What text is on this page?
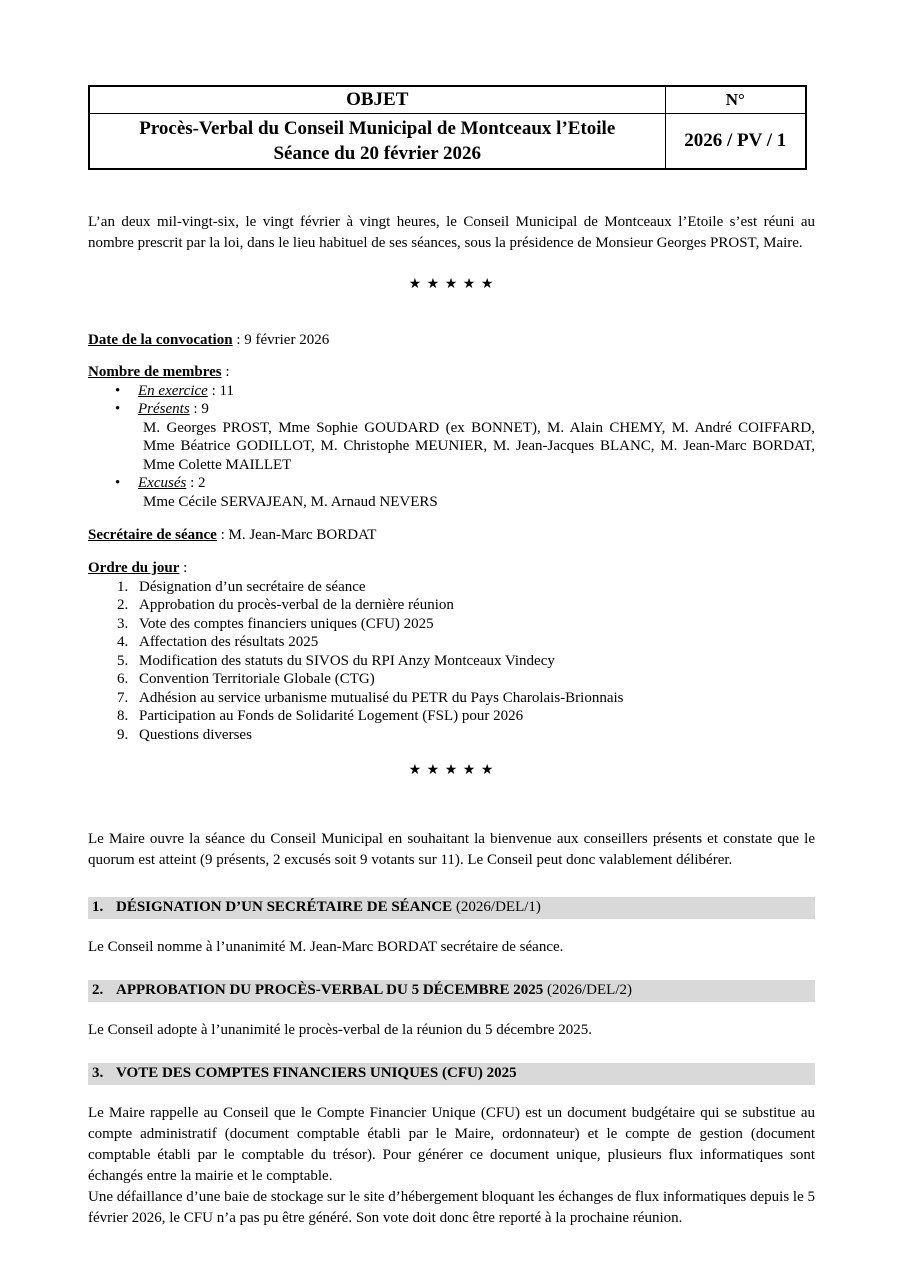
OBJET	N°

Procès-Verbal du Conseil Municipal de Montceaux l’Etoile
Séance du 20 février 2026	2026 / PV / 1

L’an deux mil-vingt-six, le vingt février à vingt heures, le Conseil Municipal de Montceaux l’Etoile s’est réuni au nombre prescrit par la loi, dans le lieu habituel de ses séances, sous la présidence de Monsieur Georges PROST, Maire.

★ ★ ★ ★ ★
Date de la convocation : 9 février 2026
Nombre de membres :
•	En exercice : 11
•	Présents : 9
M. Georges PROST, Mme Sophie GOUDARD (ex BONNET), M. Alain CHEMY, M. André COIFFARD, Mme Béatrice GODILLOT, M. Christophe MEUNIER, M. Jean-Jacques BLANC, M. Jean-Marc BORDAT, Mme Colette MAILLET
•	Excusés : 2
Mme Cécile SERVAJEAN, M. Arnaud NEVERS
Secrétaire de séance : M. Jean-Marc BORDAT
Ordre du jour :
1. Désignation d’un secrétaire de séance
2. Approbation du procès-verbal de la dernière réunion
3. Vote des comptes financiers uniques (CFU) 2025
4. Affectation des résultats 2025
5. Modification des statuts du SIVOS du RPI Anzy Montceaux Vindecy
6. Convention Territoriale Globale (CTG)
7. Adhésion au service urbanisme mutualisé du PETR du Pays Charolais-Brionnais
8. Participation au Fonds de Solidarité Logement (FSL) pour 2026
9. Questions diverses
★ ★ ★ ★ ★

Le Maire ouvre la séance du Conseil Municipal en souhaitant la bienvenue aux conseillers présents et constate que le quorum est atteint (9 présents, 2 excusés soit 9 votants sur 11). Le Conseil peut donc valablement délibérer.

1. DÉSIGNATION D’UN SECRÉTAIRE DE SÉANCE (2026/DEL/1)

Le Conseil nomme à l’unanimité M. Jean-Marc BORDAT secrétaire de séance.

2. APPROBATION DU PROCÈS-VERBAL DU 5 DÉCEMBRE 2025 (2026/DEL/2)

Le Conseil adopte à l’unanimité le procès-verbal de la réunion du 5 décembre 2025.

3. VOTE DES COMPTES FINANCIERS UNIQUES (CFU) 2025

Le Maire rappelle au Conseil que le Compte Financier Unique (CFU) est un document budgétaire qui se substitue au compte administratif (document comptable établi par le Maire, ordonnateur) et le compte de gestion (document comptable établi par le comptable du trésor). Pour générer ce document unique, plusieurs flux informatiques sont échangés entre la mairie et le comptable.

Une défaillance d’une baie de stockage sur le site d’hébergement bloquant les échanges de flux informatiques depuis le 5 février 2026, le CFU n’a pas pu être généré. Son vote doit donc être reporté à la prochaine réunion.
